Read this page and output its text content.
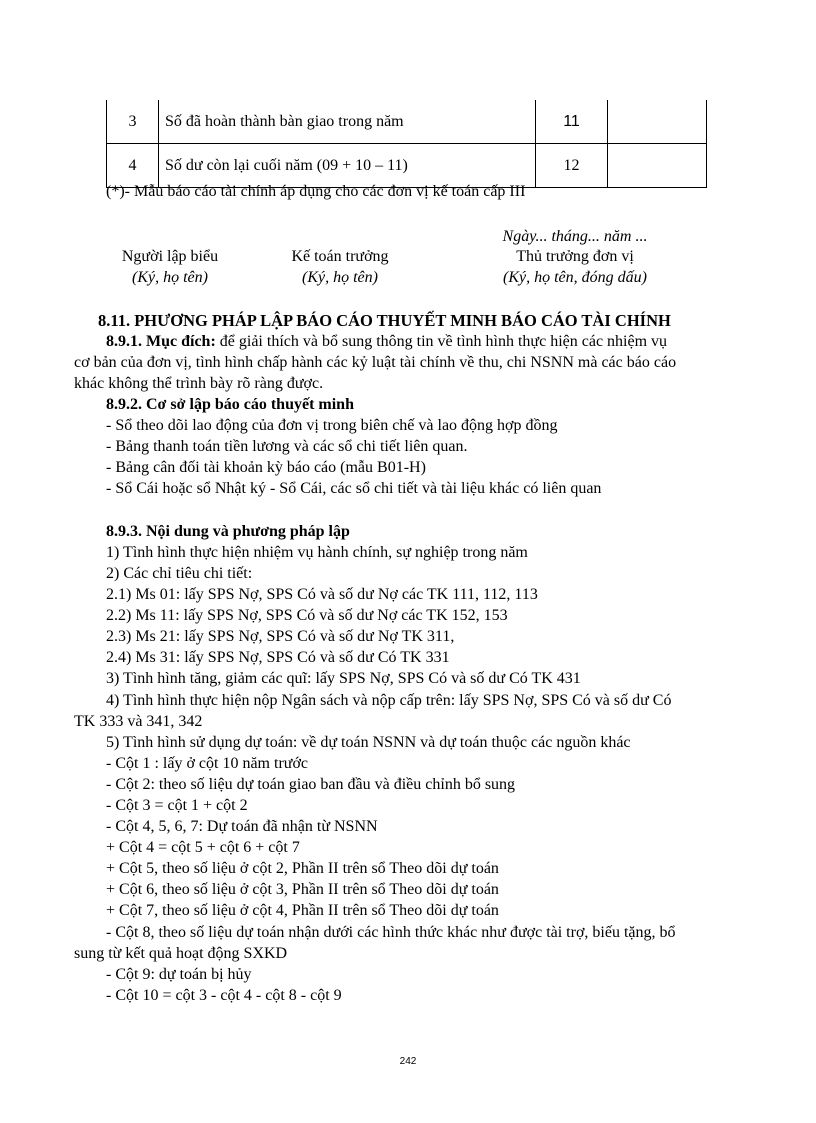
3	Số đã hoàn thành bàn giao trong năm	11	
4	Số dư còn lại cuối năm (09 + 10 – 11)	12	
(*)- Mẫu báo cáo tài chính áp dụng cho các đơn vị kế toán cấp III
Ngày... tháng... năm ...
Người lập biểu
(Ký, họ tên)
Kế toán trưởng
(Ký, họ tên)
Thủ trưởng đơn vị
(Ký, họ tên, đóng dấu)
8.11. PHƯƠNG PHÁP LẬP BÁO CÁO THUYẾT MINH BÁO CÁO TÀI CHÍNH
8.9.1. Mục đích: để giải thích và bổ sung thông tin về tình hình thực hiện các nhiệm vụ
cơ bản của đơn vị, tình hình chấp hành các kỷ luật tài chính về thu, chi NSNN mà các báo cáo
khác không thể trình bày rõ ràng được.
8.9.2. Cơ sở lập báo cáo thuyết minh
- Sổ theo dõi lao động của đơn vị trong biên chế và lao động hợp đồng
- Bảng thanh toán tiền lương và các sổ chi tiết liên quan.
- Bảng cân đối tài khoản kỳ báo cáo (mẫu B01-H)
- Sổ Cái hoặc sổ Nhật ký - Sổ Cái, các sổ chi tiết và tài liệu khác có liên quan
8.9.3. Nội dung và phương pháp lập
1) Tình hình thực hiện nhiệm vụ hành chính, sự nghiệp trong năm
2) Các chỉ tiêu chi tiết:
2.1) Ms 01: lấy SPS Nợ, SPS Có và số dư Nợ các TK 111, 112, 113
2.2) Ms 11: lấy SPS Nợ, SPS Có và số dư Nợ các TK 152, 153
2.3) Ms 21: lấy SPS Nợ, SPS Có và số dư Nợ TK 311,
2.4) Ms 31: lấy SPS Nợ, SPS Có và số dư Có TK 331
3) Tình hình tăng, giảm các quĩ: lấy SPS Nợ, SPS Có và số dư Có TK 431
4) Tình hình thực hiện nộp Ngân sách và nộp cấp trên: lấy SPS Nợ, SPS Có và số dư Có
TK 333 và 341, 342
5) Tình hình sử dụng dự toán: về dự toán NSNN và dự toán thuộc các nguồn khác
- Cột 1 : lấy ở cột 10 năm trước
- Cột 2: theo số liệu dự toán giao ban đầu và điều chỉnh bổ sung
- Cột 3 = cột 1 + cột 2
- Cột 4, 5, 6, 7: Dự toán đã nhận từ NSNN
+ Cột 4 = cột 5 + cột 6 + cột 7
+ Cột 5, theo số liệu ở cột 2, Phần II trên sổ Theo dõi dự toán
+ Cột 6, theo số liệu ở cột 3, Phần II trên sổ Theo dõi dự toán
+ Cột 7, theo số liệu ở cột 4, Phần II trên sổ Theo dõi dự toán
- Cột 8, theo số liệu dự toán nhận dưới các hình thức khác như được tài trợ, biếu tặng, bổ
sung từ kết quả hoạt động SXKD
- Cột 9: dự toán bị hủy
- Cột 10 = cột 3 - cột 4 - cột 8 - cột 9
242
